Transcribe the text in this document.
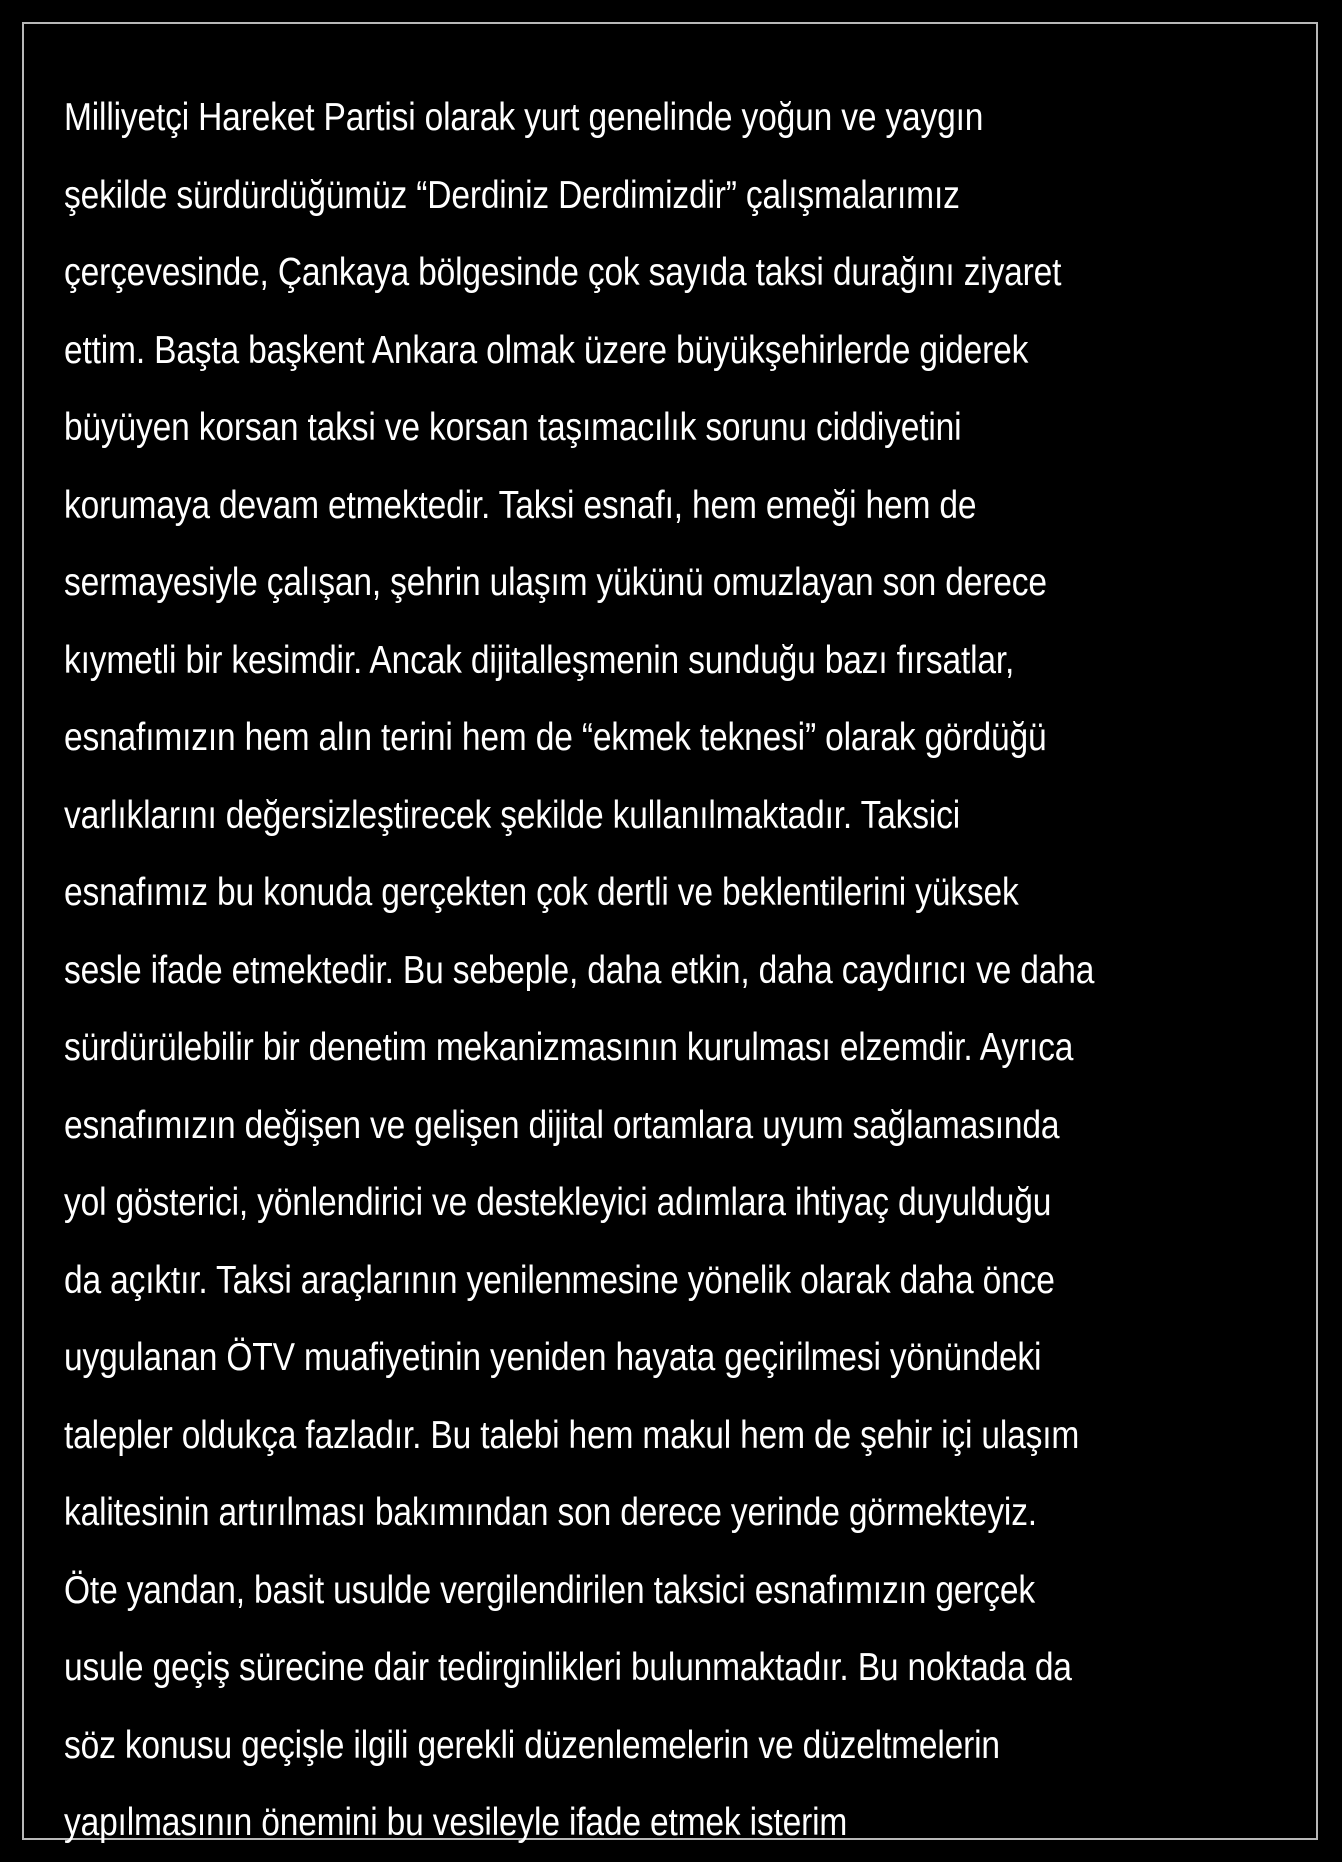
Milliyetçi Hareket Partisi olarak yurt genelinde yoğun ve yaygın
şekilde sürdürdüğümüz “Derdiniz Derdimizdir” çalışmalarımız
çerçevesinde, Çankaya bölgesinde çok sayıda taksi durağını ziyaret
ettim. Başta başkent Ankara olmak üzere büyükşehirlerde giderek
büyüyen korsan taksi ve korsan taşımacılık sorunu ciddiyetini
korumaya devam etmektedir. Taksi esnafı, hem emeği hem de
sermayesiyle çalışan, şehrin ulaşım yükünü omuzlayan son derece
kıymetli bir kesimdir. Ancak dijitalleşmenin sunduğu bazı fırsatlar,
esnafımızın hem alın terini hem de “ekmek teknesi” olarak gördüğü
varlıklarını değersizleştirecek şekilde kullanılmaktadır. Taksici
esnafımız bu konuda gerçekten çok dertli ve beklentilerini yüksek
sesle ifade etmektedir. Bu sebeple, daha etkin, daha caydırıcı ve daha
sürdürülebilir bir denetim mekanizmasının kurulması elzemdir. Ayrıca
esnafımızın değişen ve gelişen dijital ortamlara uyum sağlamasında
yol gösterici, yönlendirici ve destekleyici adımlara ihtiyaç duyulduğu
da açıktır. Taksi araçlarının yenilenmesine yönelik olarak daha önce
uygulanan ÖTV muafiyetinin yeniden hayata geçirilmesi yönündeki
talepler oldukça fazladır. Bu talebi hem makul hem de şehir içi ulaşım
kalitesinin artırılması bakımından son derece yerinde görmekteyiz.
Öte yandan, basit usulde vergilendirilen taksici esnafımızın gerçek
usule geçiş sürecine dair tedirginlikleri bulunmaktadır. Bu noktada da
söz konusu geçişle ilgili gerekli düzenlemelerin ve düzeltmelerin
yapılmasının önemini bu vesileyle ifade etmek isterim
